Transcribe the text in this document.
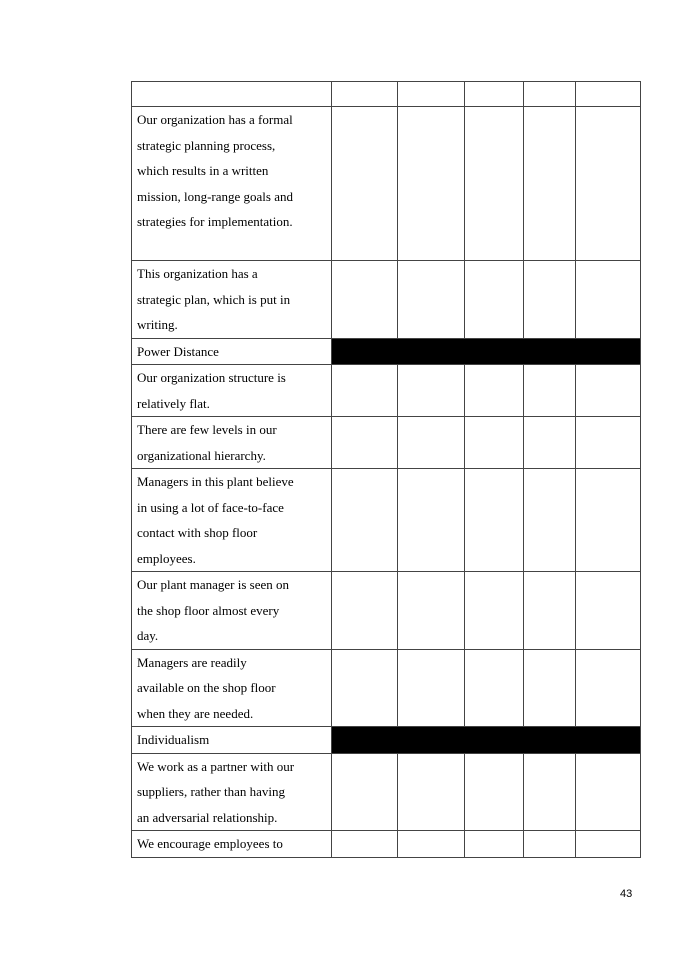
Our organization has a formal
strategic planning process,
which results in a written
mission, long-range goals and
strategies for implementation.					

This organization has a
strategic plan, which is put in
writing.					

Power Distance					

Our organization structure is
relatively flat.					

There are few levels in our
organizational hierarchy.					

Managers in this plant believe
in using a lot of face-to-face
contact with shop floor
employees.					

Our plant manager is seen on
the shop floor almost every
day.					

Managers are readily
available on the shop floor
when they are needed.					

Individualism					

We work as a partner with our
suppliers, rather than having
an adversarial relationship.					

We encourage employees to					

43
